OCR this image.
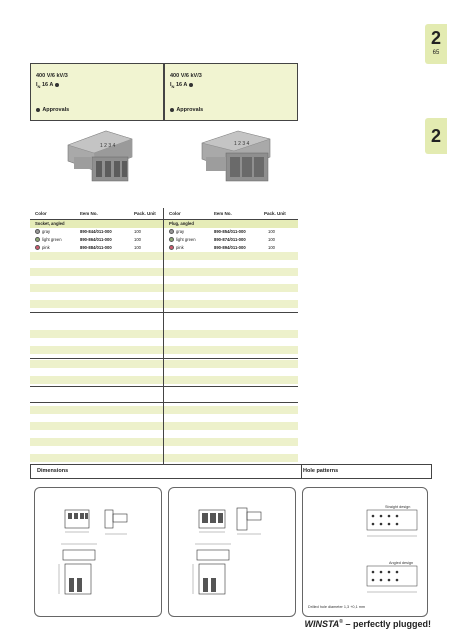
2
65
2
400 V/6 kV/3
$I_N$ 16 A
Approvals
400 V/6 kV/3
$I_N$ 16 A
Approvals
1 2 3 4	1 2 3 4
Color	Item No.	Pack. Unit
Socket, angled
gray	890-844/011-000	100
light green	890-864/011-000	100
pink	890-884/011-000	100
Color	Item No.	Pack. Unit
Plug, angled
gray	890-854/011-000	100
light green	890-874/011-000	100
pink	890-894/011-000	100
Dimensions	Hole patterns
Straight design
Angled design
Drilled hole diameter 1,3 +0,1 mm
WINSTA® – perfectly plugged!
